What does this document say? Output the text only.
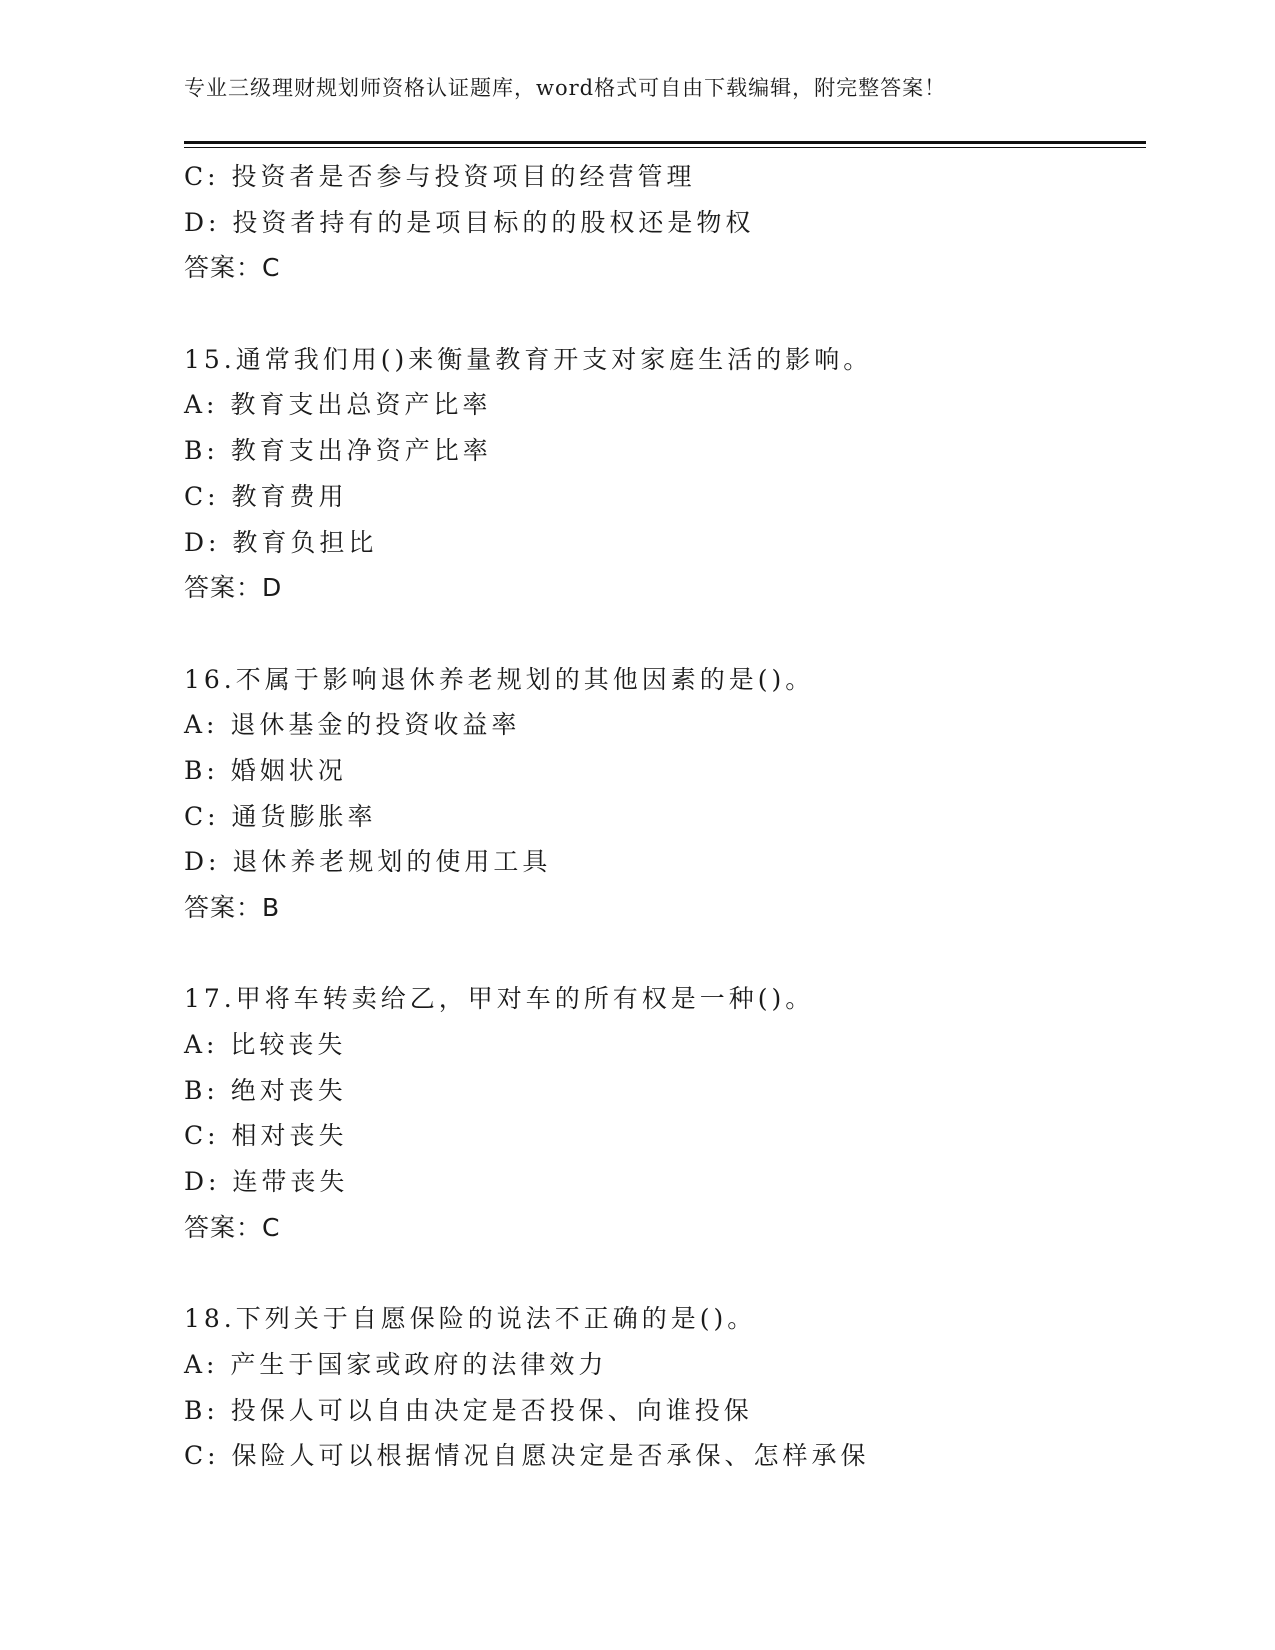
专业三级理财规划师资格认证题库，word格式可自由下载编辑，附完整答案！
C: 投资者是否参与投资项目的经营管理
D: 投资者持有的是项目标的的股权还是物权
答案：C
15.通常我们用()来衡量教育开支对家庭生活的影响。
A: 教育支出总资产比率
B: 教育支出净资产比率
C: 教育费用
D: 教育负担比
答案：D
16.不属于影响退休养老规划的其他因素的是()。
A: 退休基金的投资收益率
B: 婚姻状况
C: 通货膨胀率
D: 退休养老规划的使用工具
答案：B
17.甲将车转卖给乙，甲对车的所有权是一种()。
A: 比较丧失
B: 绝对丧失
C: 相对丧失
D: 连带丧失
答案：C
18.下列关于自愿保险的说法不正确的是()。
A: 产生于国家或政府的法律效力
B: 投保人可以自由决定是否投保、向谁投保
C: 保险人可以根据情况自愿决定是否承保、怎样承保
